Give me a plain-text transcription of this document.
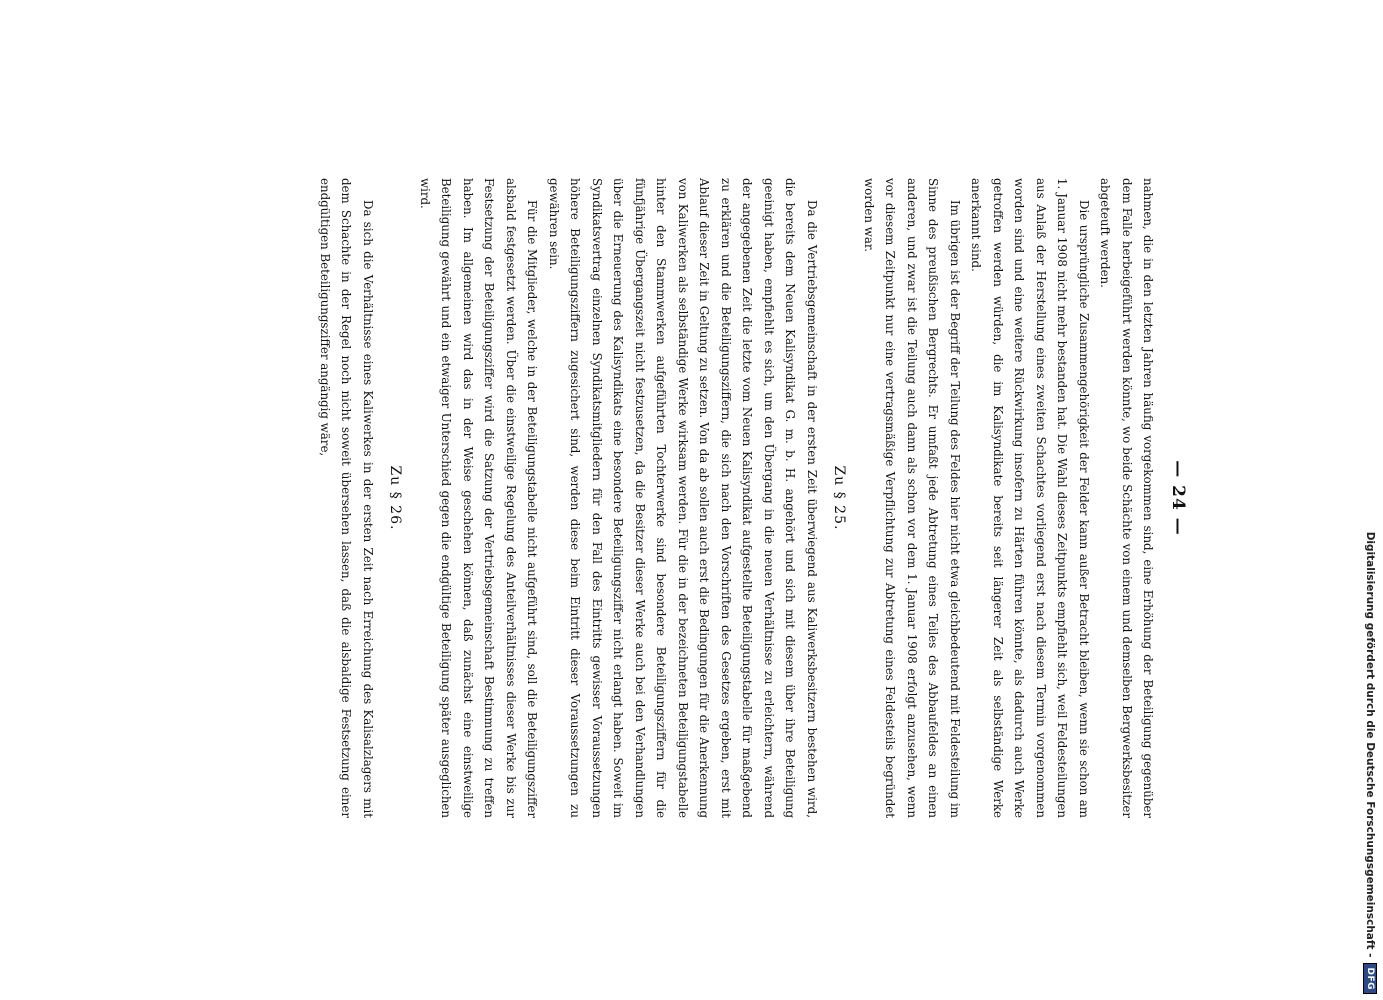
Digitalisierung gefördert durch die Deutsche Forschungsgemeinschaft -
DFG
— 24 —

nahmen, die in den letzten Jahren häufig vorgekommen sind, eine Erhöhung der Beteiligung gegenüber dem Falle herbeigeführt werden könnte, wo beide Schächte von einem und demselben Bergwerksbesitzer abgeteuft werden.

Die ursprüngliche Zusammengehörigkeit der Felder kann außer Betracht bleiben, wenn sie schon am 1. Januar 1908 nicht mehr bestanden hat. Die Wahl dieses Zeitpunkts empfiehlt sich, weil Feldesteilungen aus Anlaß der Herstellung eines zweiten Schachtes vorliegend erst nach diesem Termin vorgenommen worden sind und eine weitere Rückwirkung insofern zu Härten führen könnte, als dadurch auch Werke getroffen werden würden, die im Kalisyndikate bereits seit längerer Zeit als selbständige Werke anerkannt sind.

Im übrigen ist der Begriff der Teilung des Feldes hier nicht etwa gleichbedeutend mit Feldesteilung im Sinne des preußischen Bergrechts. Er umfaßt jede Abtretung eines Teiles des Abbaufeldes an einen anderen, und zwar ist die Teilung auch dann als schon vor dem 1. Januar 1908 erfolgt anzusehen, wenn vor diesem Zeitpunkt nur eine vertragsmäßige Verpflichtung zur Abtretung eines Feldesteils begründet worden war.

Zu § 25.

Da die Vertriebsgemeinschaft in der ersten Zeit überwiegend aus Kaliwerksbesitzern bestehen wird, die bereits dem Neuen Kalisyndikat G. m. b. H. angehört und sich mit diesem über ihre Beteiligung geeinigt haben, empfiehlt es sich, um den Übergang in die neuen Verhältnisse zu erleichtern, während der angegebenen Zeit die letzte vom Neuen Kalisyndikat aufgestellte Beteiligungstabelle für maßgebend zu erklären und die Beteiligungsziffern, die sich nach den Vorschriften des Gesetzes ergeben, erst mit Ablauf dieser Zeit in Geltung zu setzen. Von da ab sollen auch erst die Bedingungen für die Anerkennung von Kaliwerken als selbständige Werke wirksam werden. Für die in der bezeichneten Beteiligungstabelle hinter den Stammwerken aufgeführten Tochterwerke sind besondere Beteiligungsziffern für die fünfjährige Übergangszeit nicht festzusetzen, da die Besitzer dieser Werke auch bei den Verhandlungen über die Erneuerung des Kalisyndikats eine besondere Beteiligungsziffer nicht erlangt haben. Soweit im Syndikatsvertrag einzelnen Syndikatsmitgliedern für den Fall des Eintritts gewisser Voraussetzungen höhere Beteiligungsziffern zugesichert sind, werden diese beim Eintritt dieser Voraussetzungen zu gewähren sein.

Für die Mitglieder, welche in der Beteiligungstabelle nicht aufgeführt sind, soll die Beteiligungsziffer alsbald festgesetzt werden. Über die einstweilige Regelung des Anteilverhältnisses dieser Werke bis zur Festsetzung der Beteiligungsziffer wird die Satzung der Vertriebsgemeinschaft Bestimmung zu treffen haben. Im allgemeinen wird das in der Weise geschehen können, daß zunächst eine einstweilige Beteiligung gewährt und ein etwaiger Unterschied gegen die endgültige Beteiligung später ausgeglichen wird.

Zu § 26.

Da sich die Verhältnisse eines Kaliwerkes in der ersten Zeit nach Erreichung des Kalisalzlagers mit dem Schachte in der Regel noch nicht soweit übersehen lassen, daß die alsbaldige Festsetzung einer endgültigen Beteiligungsziffer angängig wäre,
